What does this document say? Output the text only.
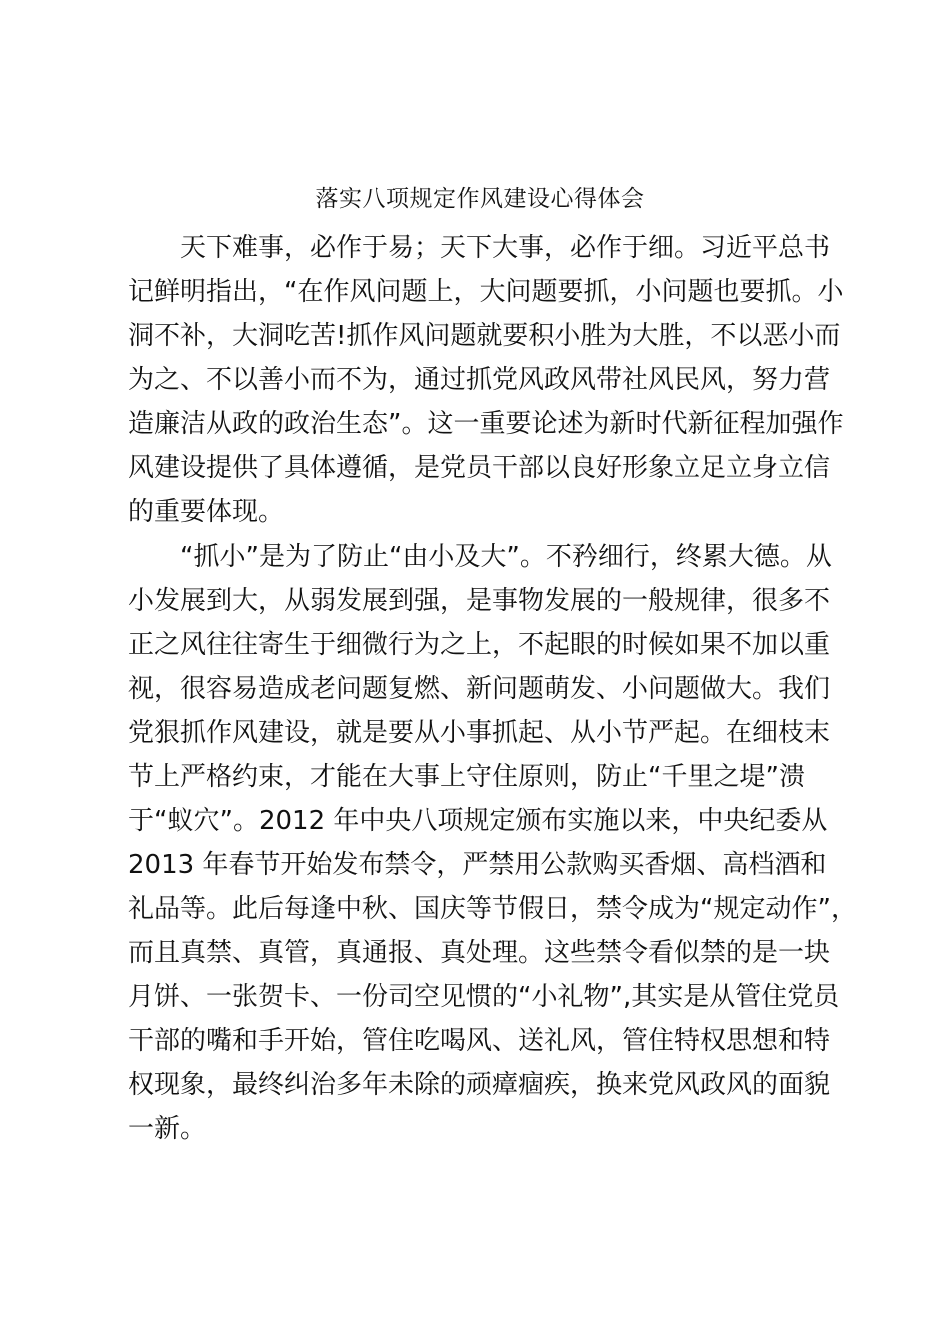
落实八项规定作风建设心得体会
天下难事，必作于易；天下大事，必作于细。习近平总书
记鲜明指出，“在作风问题上，大问题要抓，小问题也要抓。小
洞不补，大洞吃苦!抓作风问题就要积小胜为大胜，不以恶小而
为之、不以善小而不为，通过抓党风政风带社风民风，努力营
造廉洁从政的政治生态”。这一重要论述为新时代新征程加强作
风建设提供了具体遵循，是党员干部以良好形象立足立身立信
的重要体现。
“抓小”是为了防止“由小及大”。不矜细行，终累大德。从
小发展到大，从弱发展到强，是事物发展的一般规律，很多不
正之风往往寄生于细微行为之上，不起眼的时候如果不加以重
视，很容易造成老问题复燃、新问题萌发、小问题做大。我们
党狠抓作风建设，就是要从小事抓起、从小节严起。在细枝末
节上严格约束，才能在大事上守住原则，防止“千里之堤”溃
于“蚁穴”。2012 年中央八项规定颁布实施以来，中央纪委从
2013 年春节开始发布禁令，严禁用公款购买香烟、高档酒和
礼品等。此后每逢中秋、国庆等节假日，禁令成为“规定动作”，
而且真禁、真管，真通报、真处理。这些禁令看似禁的是一块
月饼、一张贺卡、一份司空见惯的“小礼物”,其实是从管住党员
干部的嘴和手开始，管住吃喝风、送礼风，管住特权思想和特
权现象，最终纠治多年未除的顽瘴痼疾，换来党风政风的面貌
一新。
